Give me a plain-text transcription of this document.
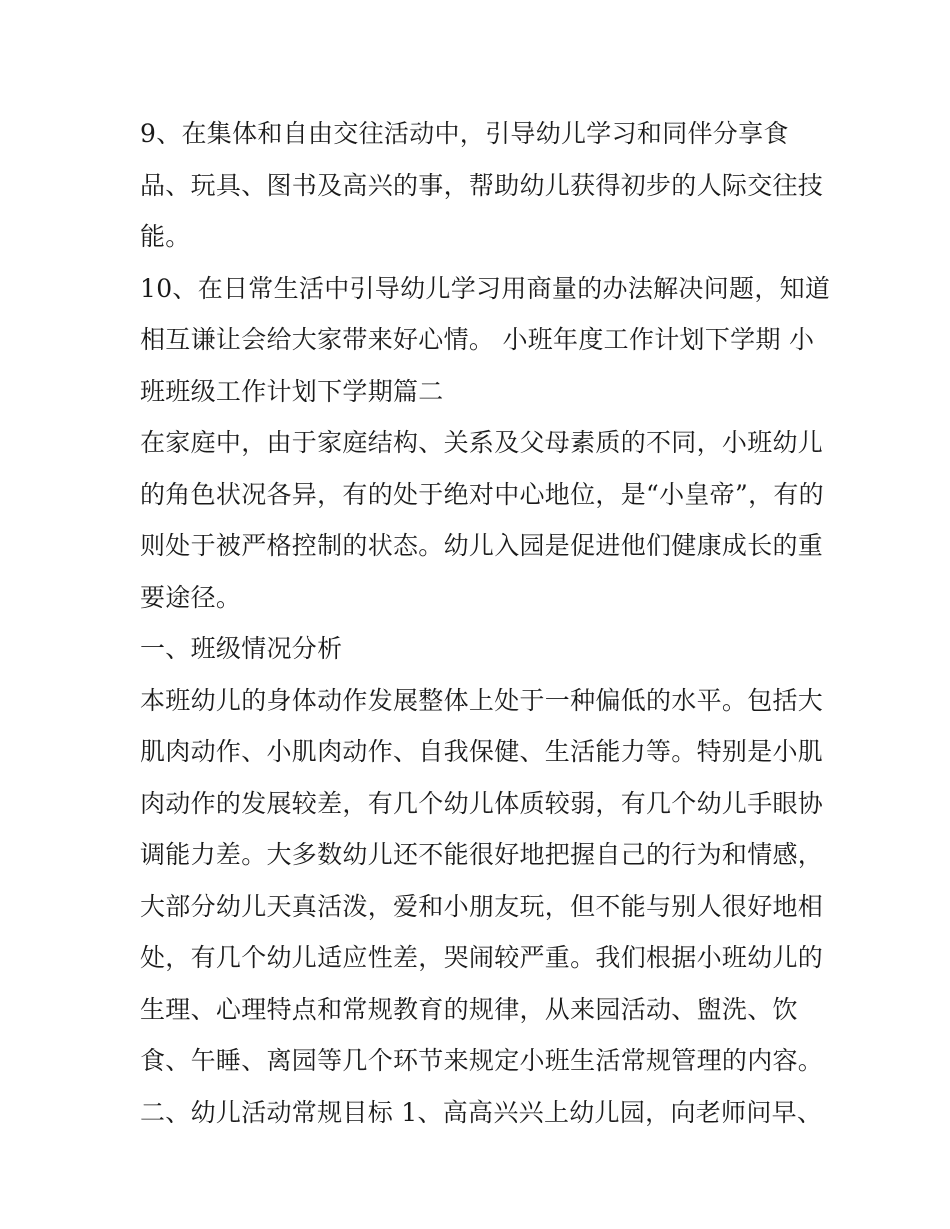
9、在集体和自由交往活动中，引导幼儿学习和同伴分享食
品、玩具、图书及高兴的事，帮助幼儿获得初步的人际交往技
能。
10、在日常生活中引导幼儿学习用商量的办法解决问题，知道
相互谦让会给大家带来好心情。 小班年度工作计划下学期 小
班班级工作计划下学期篇二
在家庭中，由于家庭结构、关系及父母素质的不同，小班幼儿
的角色状况各异，有的处于绝对中心地位，是“小皇帝”，有的
则处于被严格控制的状态。幼儿入园是促进他们健康成长的重
要途径。
一、班级情况分析
本班幼儿的身体动作发展整体上处于一种偏低的水平。包括大
肌肉动作、小肌肉动作、自我保健、生活能力等。特别是小肌
肉动作的发展较差，有几个幼儿体质较弱，有几个幼儿手眼协
调能力差。大多数幼儿还不能很好地把握自己的行为和情感，
大部分幼儿天真活泼，爱和小朋友玩，但不能与别人很好地相
处，有几个幼儿适应性差，哭闹较严重。我们根据小班幼儿的
生理、心理特点和常规教育的规律，从来园活动、盥洗、饮
食、午睡、离园等几个环节来规定小班生活常规管理的内容。
二、幼儿活动常规目标 1、高高兴兴上幼儿园，向老师问早、
